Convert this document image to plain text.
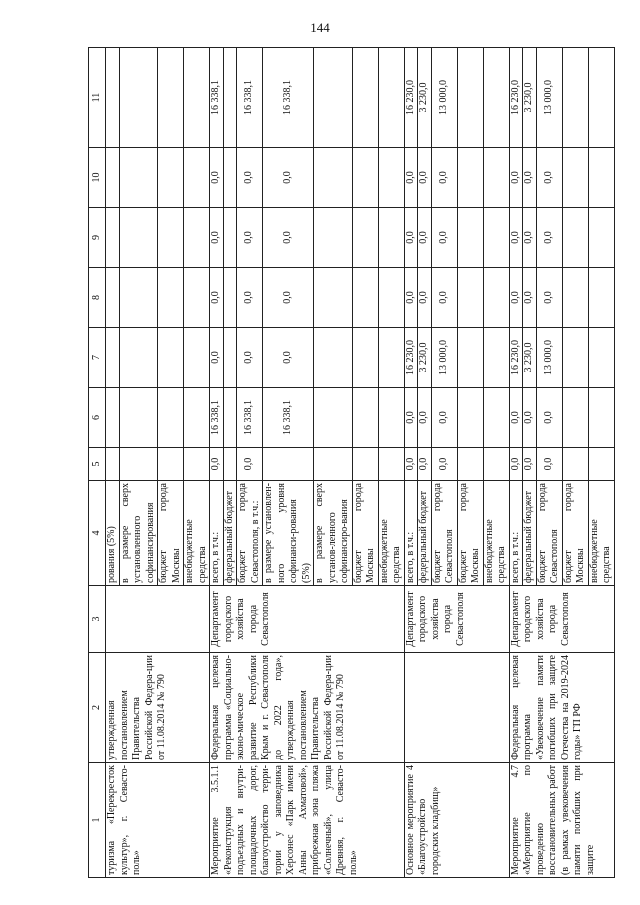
144
1	2	3	4	5	6	7	8	9	10	11
туризма «Перекресток культур», г. Севасто-поль»	утвержденная постановлением Правительства Российской Федера-ции от 11.08.2014 № 790		рования (5%)							
			в размере сверх установленного софинансирования							
			бюджет города Москвы							
			внебюджетные средства							
Мероприятие 3.5.1.1 «Реконструкция подъездных и внутри-площадочных дорог, благоустройство терри-тории у заповедника Херсонес «Парк имени Анны Ахматовой», прибрежная зона пляжа «Солнечный», улица Древняя, г. Севасто-поль»	Федеральная целевая программа «Социально-эконо-мическое развитие Республики Крым и г. Севастополя до 2022 года», утвержденная постановлением Правительства Российской Федера-ции от 11.08.2014 № 790	Департамент городского хозяйства города Севастополя	всего, в т.ч.:	0,0	16 338,1	0,0	0,0	0,0	0,0	16 338,1
			федеральный бюджет							
			бюджет города Севастополя, в т.ч.:	0,0	16 338,1	0,0	0,0	0,0	0,0	16 338,1
			в размере установлен-ного уровня софинанси-рования (5%)		16 338,1	0,0	0,0	0,0	0,0	16 338,1
			в размере сверх установ-ленного софинансиро-вания							
			бюджет города Москвы							
			внебюджетные средства							
Основное мероприятие 4 «Благоустройство городских кладбищ»		Департамент городского хозяйства города Севастополя	всего, в т.ч.:	0,0	0,0	16 230,0	0,0	0,0	0,0	16 230,0
			федеральный бюджет	0,0	0,0	3 230,0	0,0	0,0	0,0	3 230,0
			бюджет города Севастополя	0,0	0,0	13 000,0	0,0	0,0	0,0	13 000,0
			бюджет города Москвы							
			внебюджетные средства							
Мероприятие 4.7 «Мероприятие по проведению восстановительных работ (в рамках увековечения памяти погибших при защите	Федеральная целевая программа «Увековечение памяти погибших при защите Отечества на 2019-2024 годы» ГП РФ	Департамент городского хозяйства города Севастополя	всего, в т.ч.:	0,0	0,0	16 230,0	0,0	0,0	0,0	16 230,0
			федеральный бюджет	0,0	0,0	3 230,0	0,0	0,0	0,0	3 230,0
			бюджет города Севастополя	0,0	0,0	13 000,0	0,0	0,0	0,0	13 000,0
			бюджет города Москвы							
			внебюджетные средства							
